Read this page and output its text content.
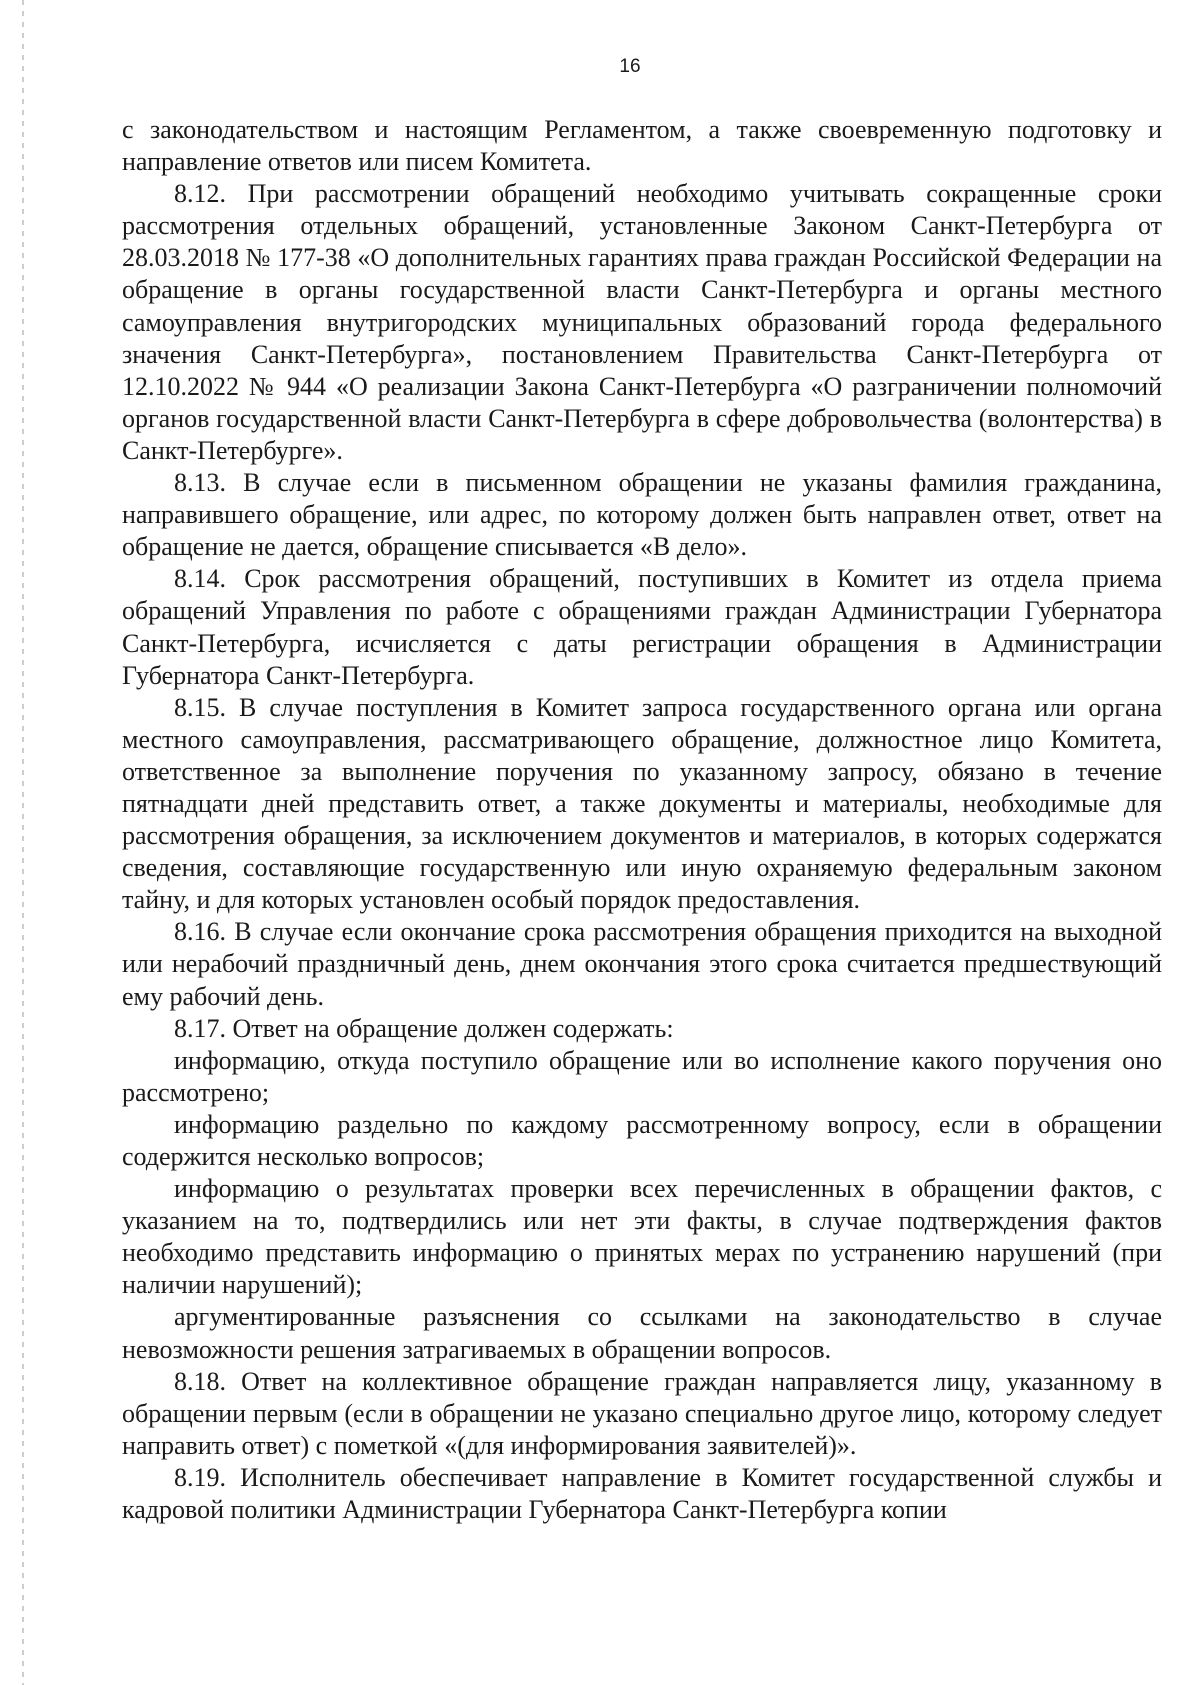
16

с законодательством и настоящим Регламентом, а также своевременную подготовку и направление ответов или писем Комитета.

8.12. При рассмотрении обращений необходимо учитывать сокращенные сроки рассмотрения отдельных обращений, установленные Законом Санкт-Петербурга от 28.03.2018 № 177-38 «О дополнительных гарантиях права граждан Российской Федерации на обращение в органы государственной власти Санкт-Петербурга и органы местного самоуправления внутригородских муниципальных образований города федерального значения Санкт-Петербурга», постановлением Правительства Санкт-Петербурга от 12.10.2022 № 944 «О реализации Закона Санкт-Петербурга «О разграничении полномочий органов государственной власти Санкт-Петербурга в сфере добровольчества (волонтерства) в Санкт-Петербурге».

8.13. В случае если в письменном обращении не указаны фамилия гражданина, направившего обращение, или адрес, по которому должен быть направлен ответ, ответ на обращение не дается, обращение списывается «В дело».

8.14. Срок рассмотрения обращений, поступивших в Комитет из отдела приема обращений Управления по работе с обращениями граждан Администрации Губернатора Санкт-Петербурга, исчисляется с даты регистрации обращения в Администрации Губернатора Санкт-Петербурга.

8.15. В случае поступления в Комитет запроса государственного органа или органа местного самоуправления, рассматривающего обращение, должностное лицо Комитета, ответственное за выполнение поручения по указанному запросу, обязано в течение пятнадцати дней представить ответ, а также документы и материалы, необходимые для рассмотрения обращения, за исключением документов и материалов, в которых содержатся сведения, составляющие государственную или иную охраняемую федеральным законом тайну, и для которых установлен особый порядок предоставления.

8.16. В случае если окончание срока рассмотрения обращения приходится на выходной или нерабочий праздничный день, днем окончания этого срока считается предшествующий ему рабочий день.

8.17. Ответ на обращение должен содержать:

информацию, откуда поступило обращение или во исполнение какого поручения оно рассмотрено;

информацию раздельно по каждому рассмотренному вопросу, если в обращении содержится несколько вопросов;

информацию о результатах проверки всех перечисленных в обращении фактов, с указанием на то, подтвердились или нет эти факты, в случае подтверждения фактов необходимо представить информацию о принятых мерах по устранению нарушений (при наличии нарушений);

аргументированные разъяснения со ссылками на законодательство в случае невозможности решения затрагиваемых в обращении вопросов.

8.18. Ответ на коллективное обращение граждан направляется лицу, указанному в обращении первым (если в обращении не указано специально другое лицо, которому следует направить ответ) с пометкой «(для информирования заявителей)».

8.19. Исполнитель обеспечивает направление в Комитет государственной службы и кадровой политики Администрации Губернатора Санкт-Петербурга копии
